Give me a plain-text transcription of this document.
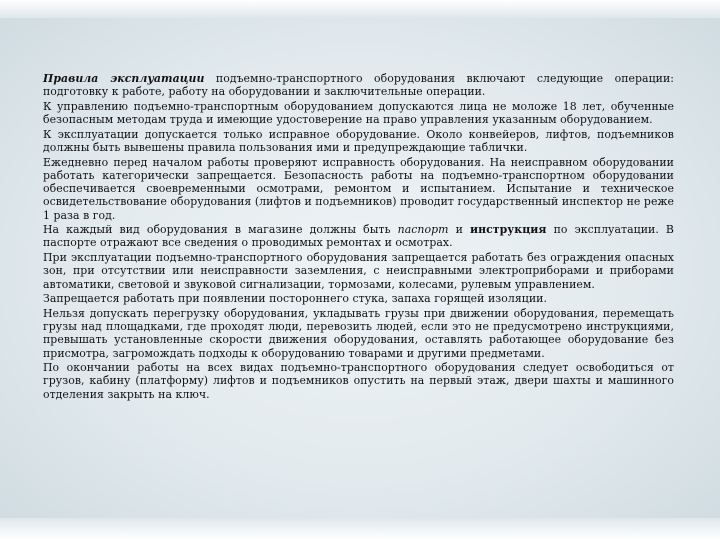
Правила эксплуатации подъемно-транспортного оборудования включают следующие операции: подготовку к работе, работу на оборудовании и заключительные операции.

К управлению подъемно-транспортным оборудованием допускаются лица не моложе 18 лет, обученные безопасным методам труда и имеющие удостоверение на право управления указанным оборудованием.

К эксплуатации допускается только исправное оборудование. Около конвейеров, лифтов, подъемников должны быть вывешены правила пользования ими и предупреждающие таблички.

Ежедневно перед началом работы проверяют исправность оборудования. На неисправном оборудовании работать категорически запрещается. Безопасность работы на подъемно-транспортном оборудовании обеспечивается своевременными осмотрами, ремонтом и испытанием. Испытание и техническое освидетельствование оборудования (лифтов и подъемников) проводит государственный инспектор не реже 1 раза в год.

На каждый вид оборудования в магазине должны быть паспорт и инструкция по эксплуатации. В паспорте отражают все сведения о проводимых ремонтах и осмотрах.

При эксплуатации подъемно-транспортного оборудования запрещается работать без ограждения опасных зон, при отсутствии или неисправности заземления, с неисправными электроприборами и приборами автоматики, световой и звуковой сигнализации, тормозами, колесами, рулевым управлением.

Запрещается работать при появлении постороннего стука, запаха горящей изоляции.

Нельзя допускать перегрузку оборудования, укладывать грузы при движении оборудования, перемещать грузы над площадками, где проходят люди, перевозить людей, если это не предусмотрено инструкциями, превышать установленные скорости движения оборудования, оставлять работающее оборудование без присмотра, загромождать подходы к оборудованию товарами и другими предметами.

По окончании работы на всех видах подъемно-транспортного оборудования следует освободиться от грузов, кабину (платформу) лифтов и подъемников опустить на первый этаж, двери шахты и машинного отделения закрыть на ключ.
